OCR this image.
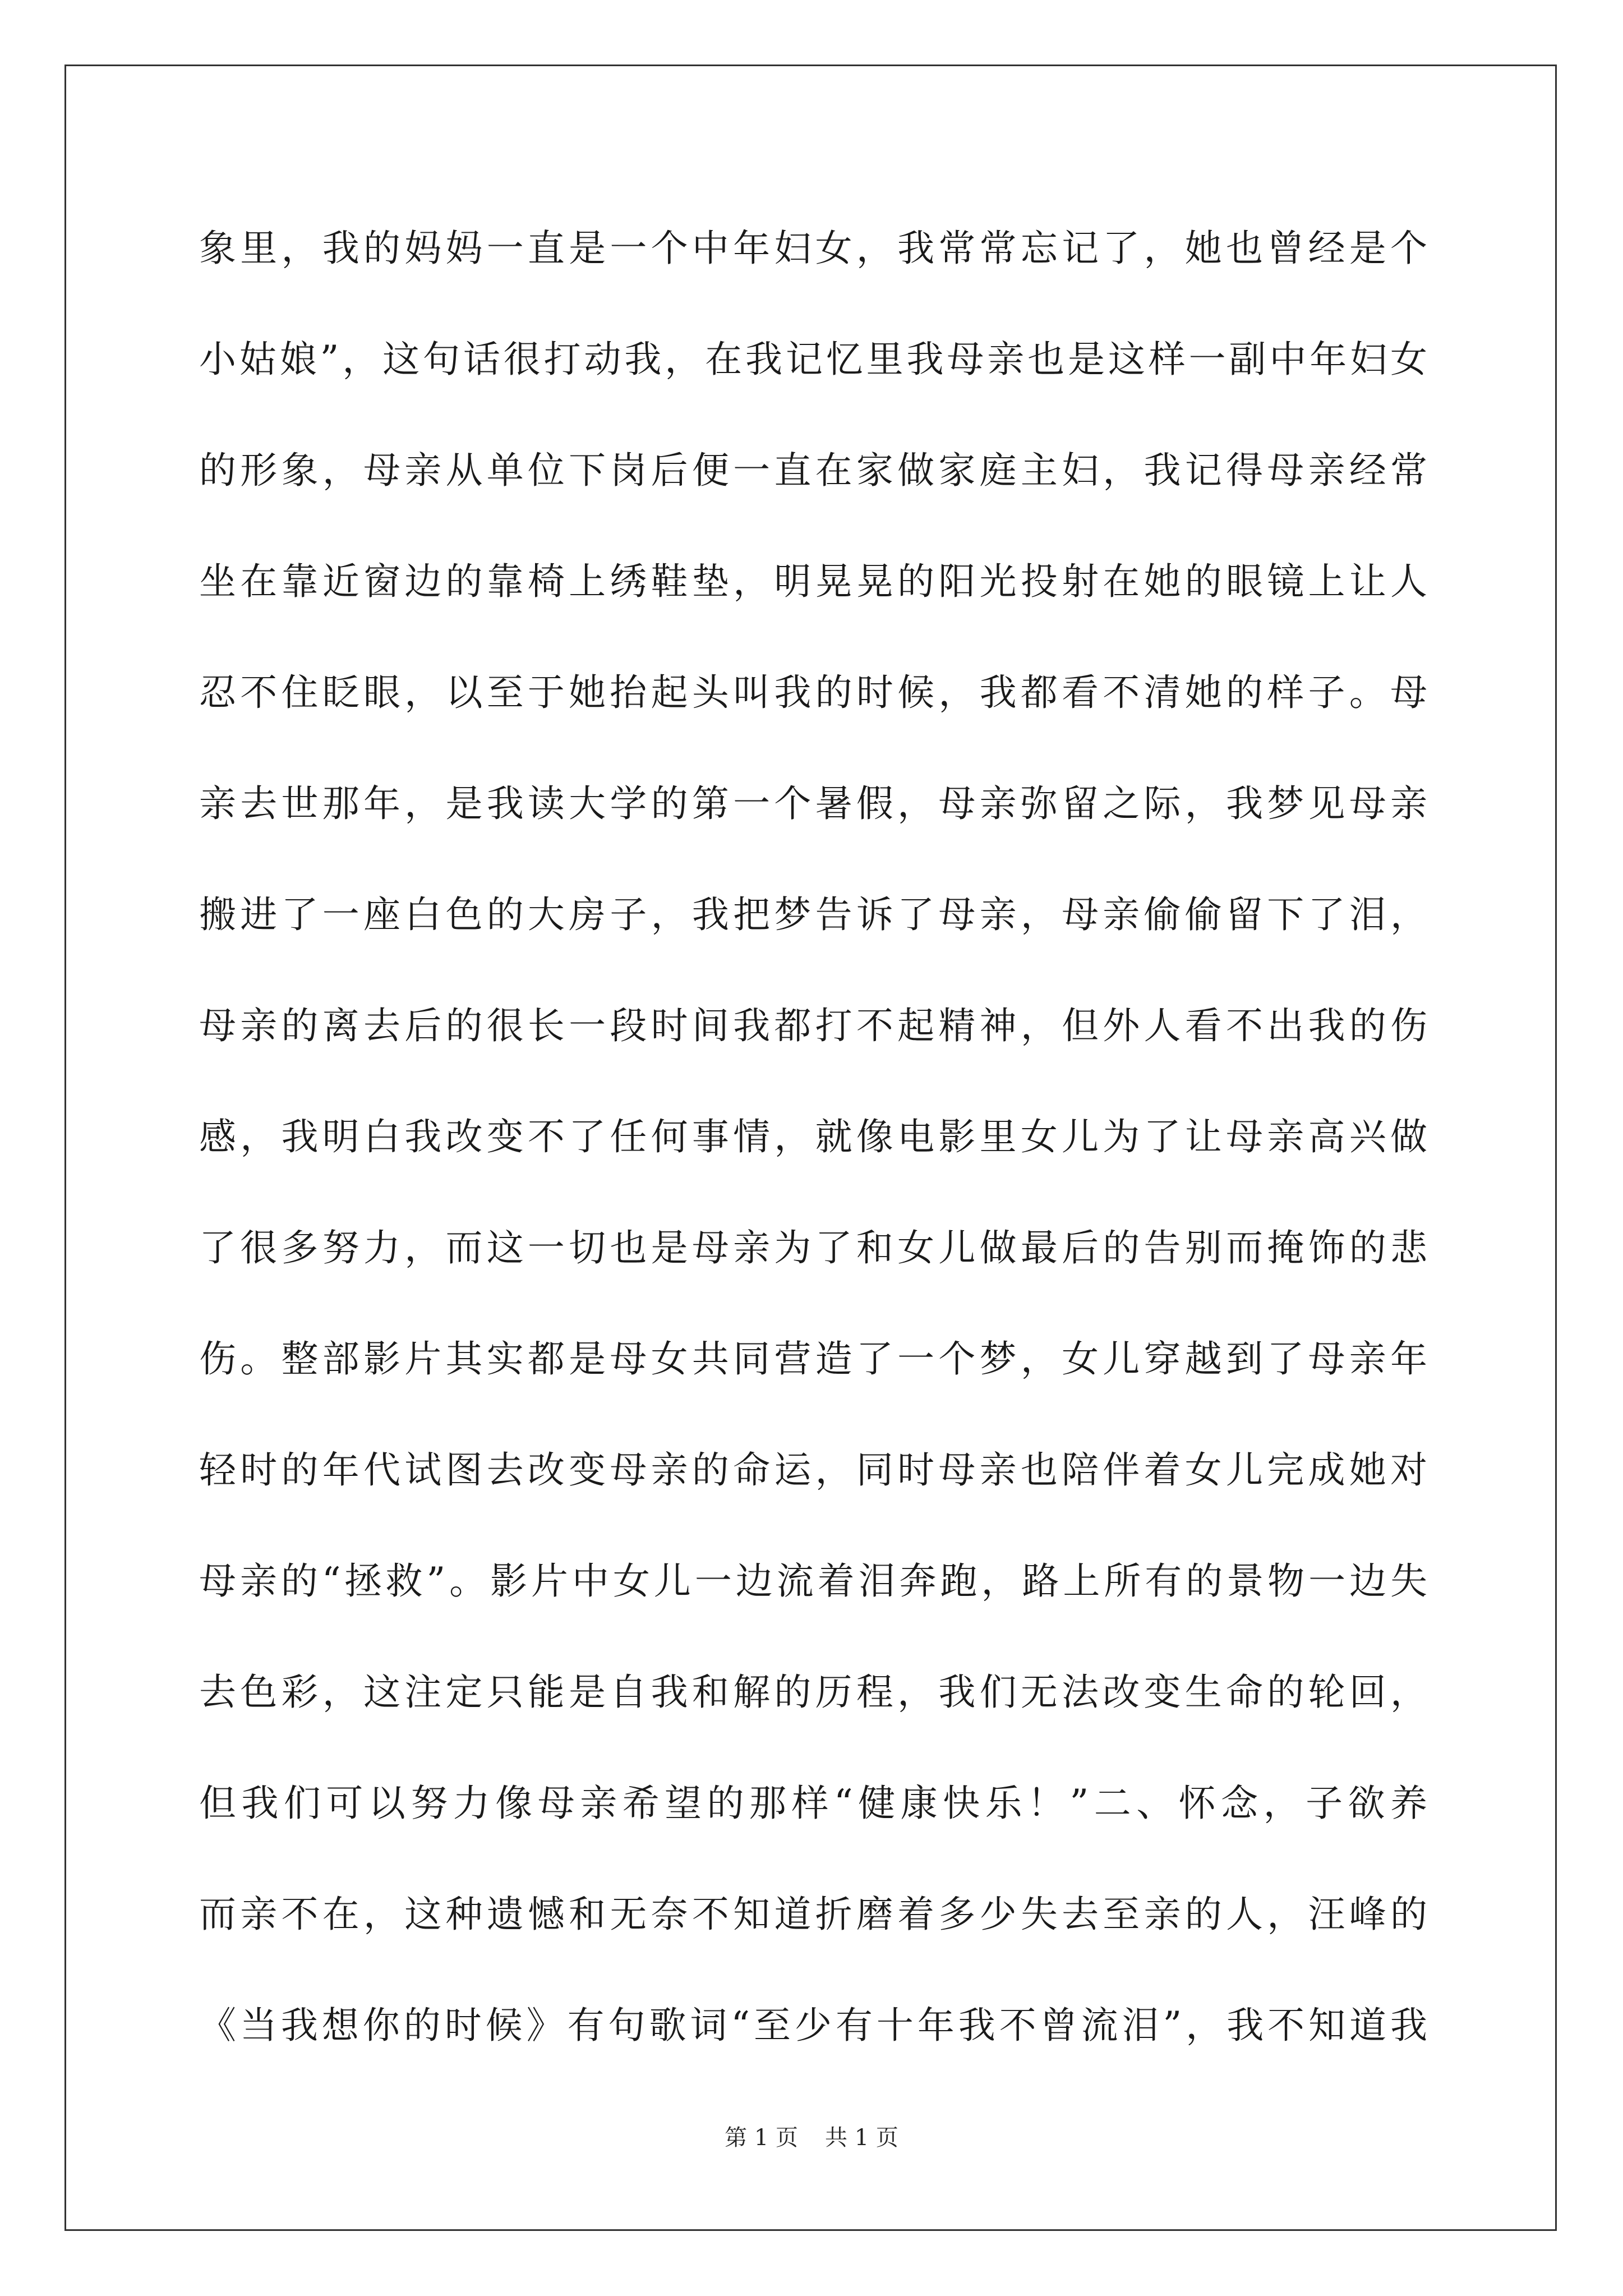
象里，我的妈妈一直是一个中年妇女，我常常忘记了，她也曾经是个
小姑娘”，这句话很打动我，在我记忆里我母亲也是这样一副中年妇女
的形象，母亲从单位下岗后便一直在家做家庭主妇，我记得母亲经常
坐在靠近窗边的靠椅上绣鞋垫，明晃晃的阳光投射在她的眼镜上让人
忍不住眨眼，以至于她抬起头叫我的时候，我都看不清她的样子。母
亲去世那年，是我读大学的第一个暑假，母亲弥留之际，我梦见母亲
搬进了一座白色的大房子，我把梦告诉了母亲，母亲偷偷留下了泪，
母亲的离去后的很长一段时间我都打不起精神，但外人看不出我的伤
感，我明白我改变不了任何事情，就像电影里女儿为了让母亲高兴做
了很多努力，而这一切也是母亲为了和女儿做最后的告别而掩饰的悲
伤。整部影片其实都是母女共同营造了一个梦，女儿穿越到了母亲年
轻时的年代试图去改变母亲的命运，同时母亲也陪伴着女儿完成她对
母亲的“拯救”。影片中女儿一边流着泪奔跑，路上所有的景物一边失
去色彩，这注定只能是自我和解的历程，我们无法改变生命的轮回，
但我们可以努力像母亲希望的那样“健康快乐！”二、怀念，子欲养
而亲不在，这种遗憾和无奈不知道折磨着多少失去至亲的人，汪峰的
《当我想你的时候》有句歌词“至少有十年我不曾流泪”，我不知道我
第 1 页 共 1 页
